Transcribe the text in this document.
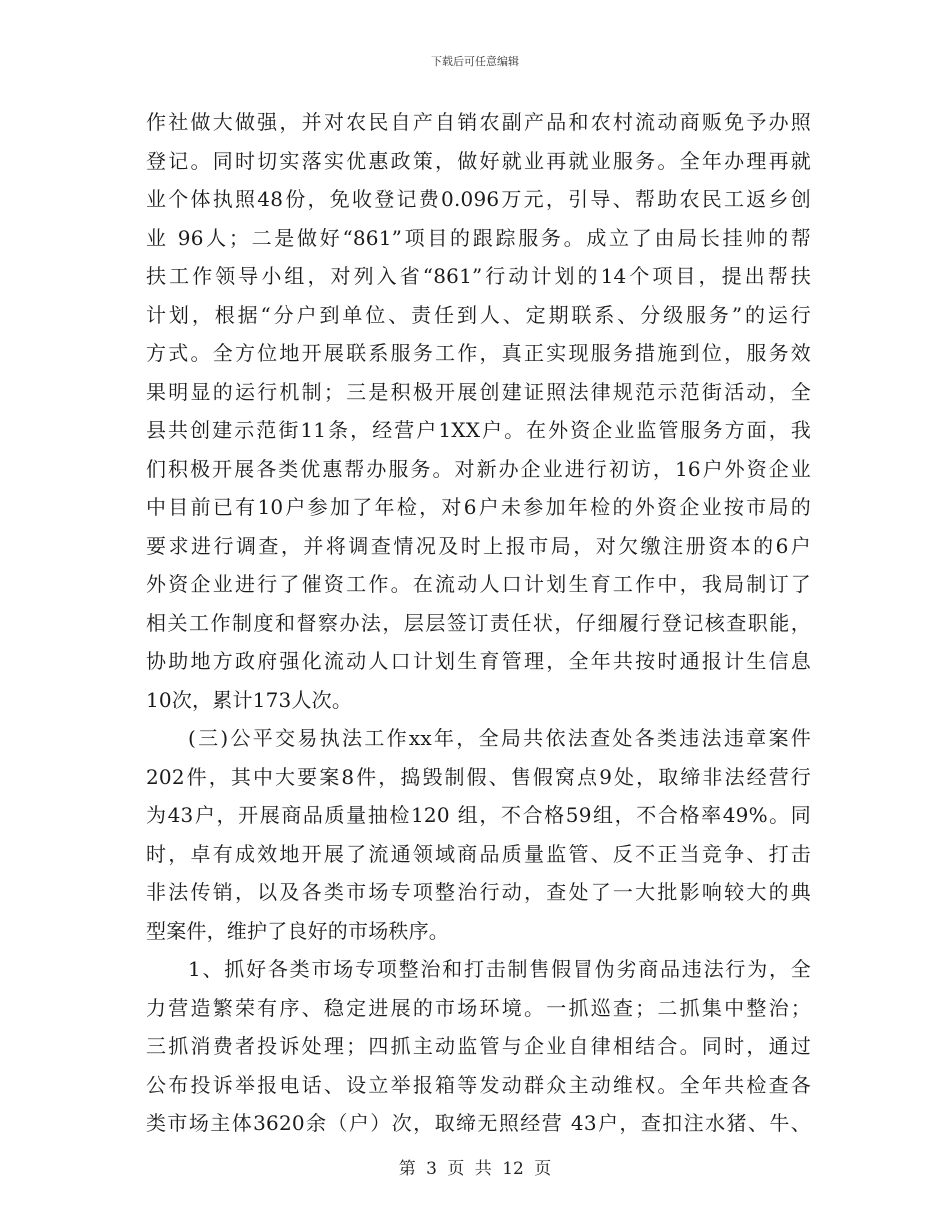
下载后可任意编辑
作社做大做强，并对农民自产自销农副产品和农村流动商贩免予办照
登记。同时切实落实优惠政策，做好就业再就业服务。全年办理再就
业个体执照48份，免收登记费0.096万元，引导、帮助农民工返乡创
业 96人；二是做好“861”项目的跟踪服务。成立了由局长挂帅的帮
扶工作领导小组，对列入省“861”行动计划的14个项目，提出帮扶
计划，根据“分户到单位、责任到人、定期联系、分级服务”的运行
方式。全方位地开展联系服务工作，真正实现服务措施到位，服务效
果明显的运行机制；三是积极开展创建证照法律规范示范街活动，全
县共创建示范街11条，经营户1XX户。在外资企业监管服务方面，我
们积极开展各类优惠帮办服务。对新办企业进行初访，16户外资企业
中目前已有10户参加了年检，对6户未参加年检的外资企业按市局的
要求进行调查，并将调查情况及时上报市局，对欠缴注册资本的6户
外资企业进行了催资工作。在流动人口计划生育工作中，我局制订了
相关工作制度和督察办法，层层签订责任状，仔细履行登记核查职能，
协助地方政府强化流动人口计划生育管理，全年共按时通报计生信息
10次，累计173人次。
(三)公平交易执法工作xx年，全局共依法查处各类违法违章案件
202件，其中大要案8件，捣毁制假、售假窝点9处，取缔非法经营行
为43户，开展商品质量抽检120 组，不合格59组，不合格率49%。同
时，卓有成效地开展了流通领域商品质量监管、反不正当竞争、打击
非法传销，以及各类市场专项整治行动，查处了一大批影响较大的典
型案件，维护了良好的市场秩序。
1、抓好各类市场专项整治和打击制售假冒伪劣商品违法行为，全
力营造繁荣有序、稳定进展的市场环境。一抓巡查；二抓集中整治；
三抓消费者投诉处理；四抓主动监管与企业自律相结合。同时，通过
公布投诉举报电话、设立举报箱等发动群众主动维权。全年共检查各
类市场主体3620余（户）次，取缔无照经营 43户，查扣注水猪、牛、
第 3 页 共 12 页
